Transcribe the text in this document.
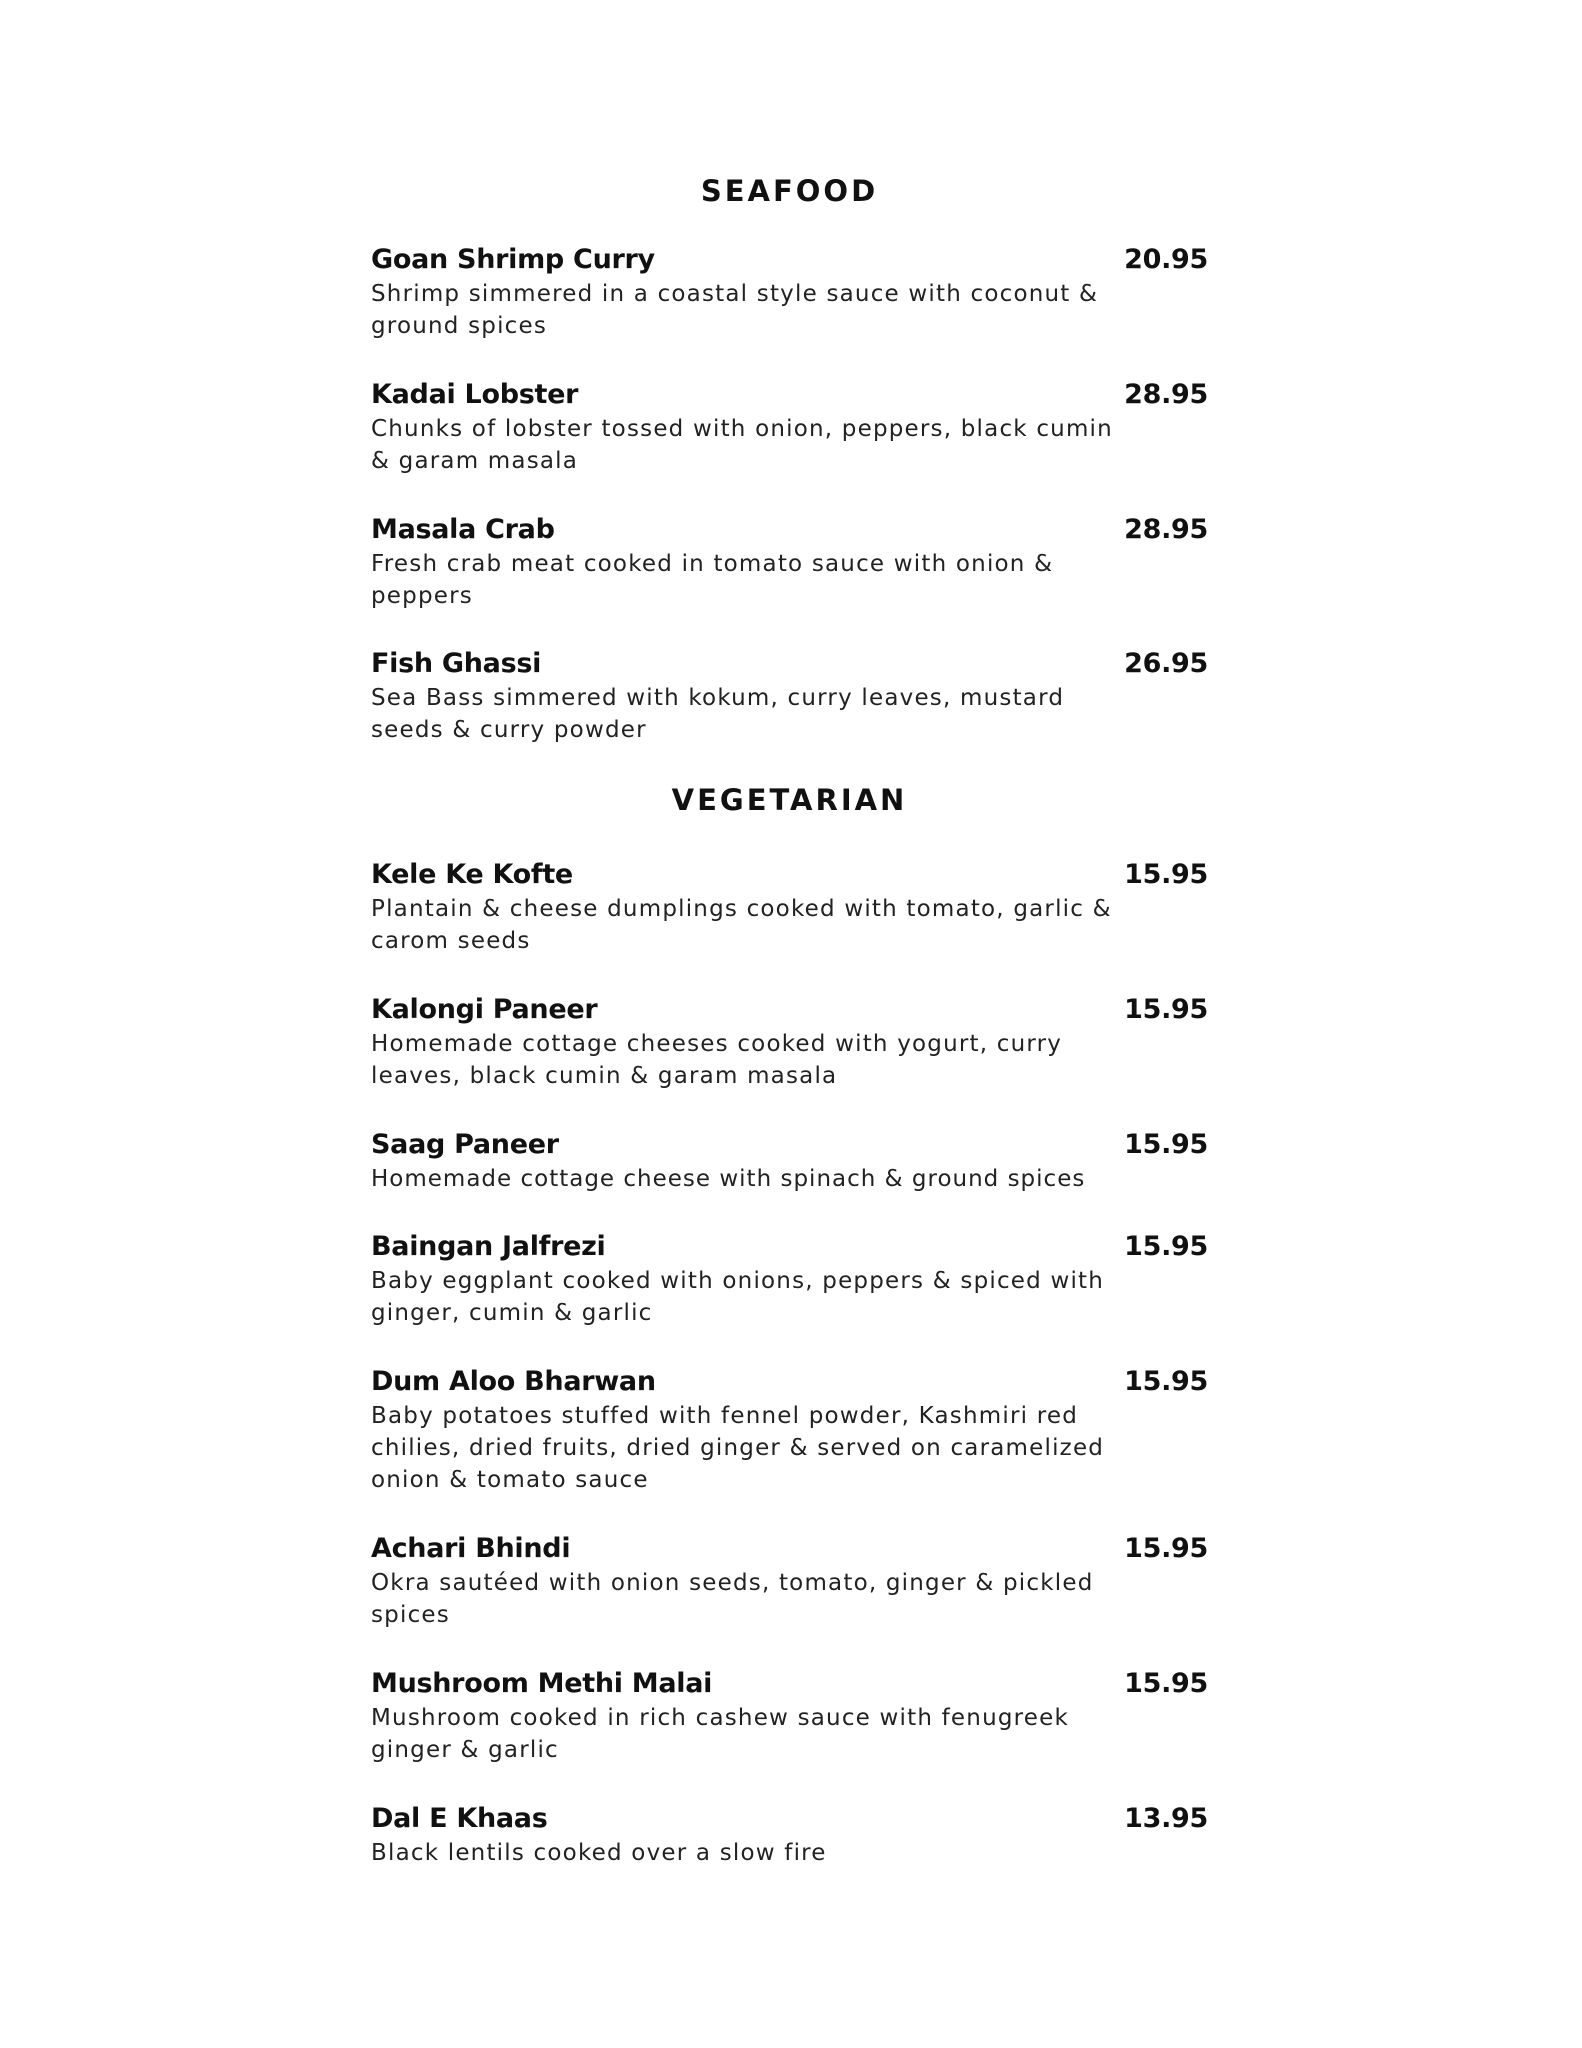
SEAFOOD
Goan Shrimp Curry	20.95
Shrimp simmered in a coastal style sauce with coconut & ground spices
Kadai Lobster	28.95
Chunks of lobster tossed with onion, peppers, black cumin & garam masala
Masala Crab	28.95
Fresh crab meat cooked in tomato sauce with onion & peppers
Fish Ghassi	26.95
Sea Bass simmered with kokum, curry leaves, mustard seeds & curry powder
VEGETARIAN
Kele Ke Kofte	15.95
Plantain & cheese dumplings cooked with tomato, garlic & carom seeds
Kalongi Paneer	15.95
Homemade cottage cheeses cooked with yogurt, curry leaves, black cumin & garam masala
Saag Paneer	15.95
Homemade cottage cheese with spinach & ground spices
Baingan Jalfrezi	15.95
Baby eggplant cooked with onions, peppers & spiced with ginger, cumin & garlic
Dum Aloo Bharwan	15.95
Baby potatoes stuffed with fennel powder, Kashmiri red chilies, dried fruits, dried ginger & served on caramelized onion & tomato sauce
Achari Bhindi	15.95
Okra sautéed with onion seeds, tomato, ginger & pickled spices
Mushroom Methi Malai	15.95
Mushroom cooked in rich cashew sauce with fenugreek ginger & garlic
Dal E Khaas	13.95
Black lentils cooked over a slow fire
